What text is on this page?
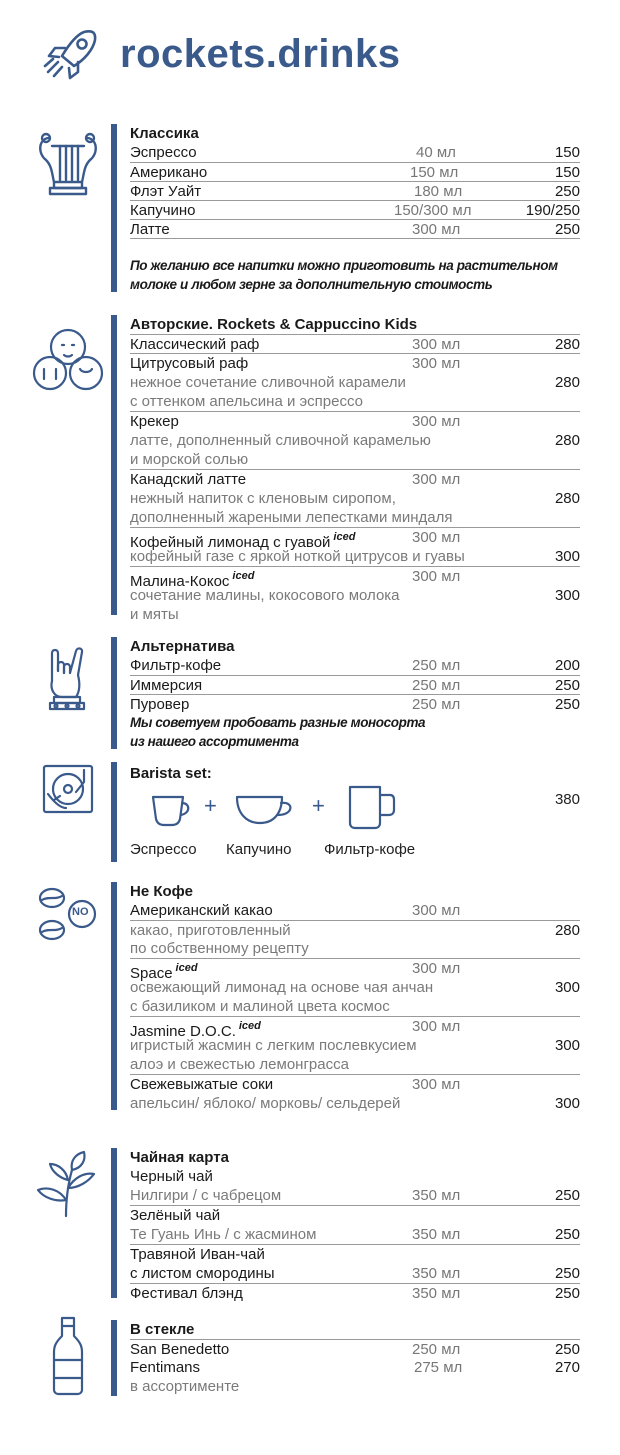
rockets.drinks
Классика
Эспрессо	40 мл	150
Американо	150 мл	150
Флэт Уайт	180 мл	250
Капучино	150/300 мл	190/250
Латте	300 мл	250
По желанию все напитки можно приготовить на растительном
молоке и любом зерне за дополнительную стоимость
Авторские. Rockets & Cappuccino Kids
Классический раф	300 мл	280
Цитрусовый раф	300 мл
нежное сочетание сливочной карамели	280
с оттенком апельсина и эспрессо
Крекер	300 мл
латте, дополненный сливочной карамелью	280
и морской солью
Канадский латте	300 мл
нежный напиток с кленовым сиропом,	280
дополненный жареными лепестками миндаля
Кофейный лимонад с гуавой $^{iced}$	300 мл
кофейный газе с яркой ноткой цитрусов и гуавы	300
Малина-Кокос $^{iced}$	300 мл
сочетание малины, кокосового молока	300
и мяты
Альтернатива
Фильтр-кофе	250 мл	200
Иммерсия	250 мл	250
Пуровер	250 мл	250
Мы советуем пробовать разные моносорта
из нашего ассортимента
Barista set:
+	+
Эспрессо Капучино Фильтр-кофе
380
NO
Не Кофе
Американский какао	300 мл
какао, приготовленный	280
по собственному рецепту
Space $^{iced}$	300 мл
освежающий лимонад на основе чая анчан	300
с базиликом и малиной цвета космос
Jasmine D.O.C. $^{iced}$	300 мл
игристый жасмин с легким послевкусием	300
алоэ и свежестью лемонграсса
Свежевыжатые соки	300 мл
апельсин/ яблоко/ морковь/ сельдерей	300
Чайная карта
Черный чай
Нилгири / с чабрецом	350 мл	250
Зелёный чай
Те Гуань Инь / с жасмином	350 мл	250
Травяной Иван-чай
с листом смородины	350 мл	250
Фестивал блэнд	350 мл	250
В стекле
San Benedetto	250 мл	250
Fentimans	275 мл	270
в ассортименте
